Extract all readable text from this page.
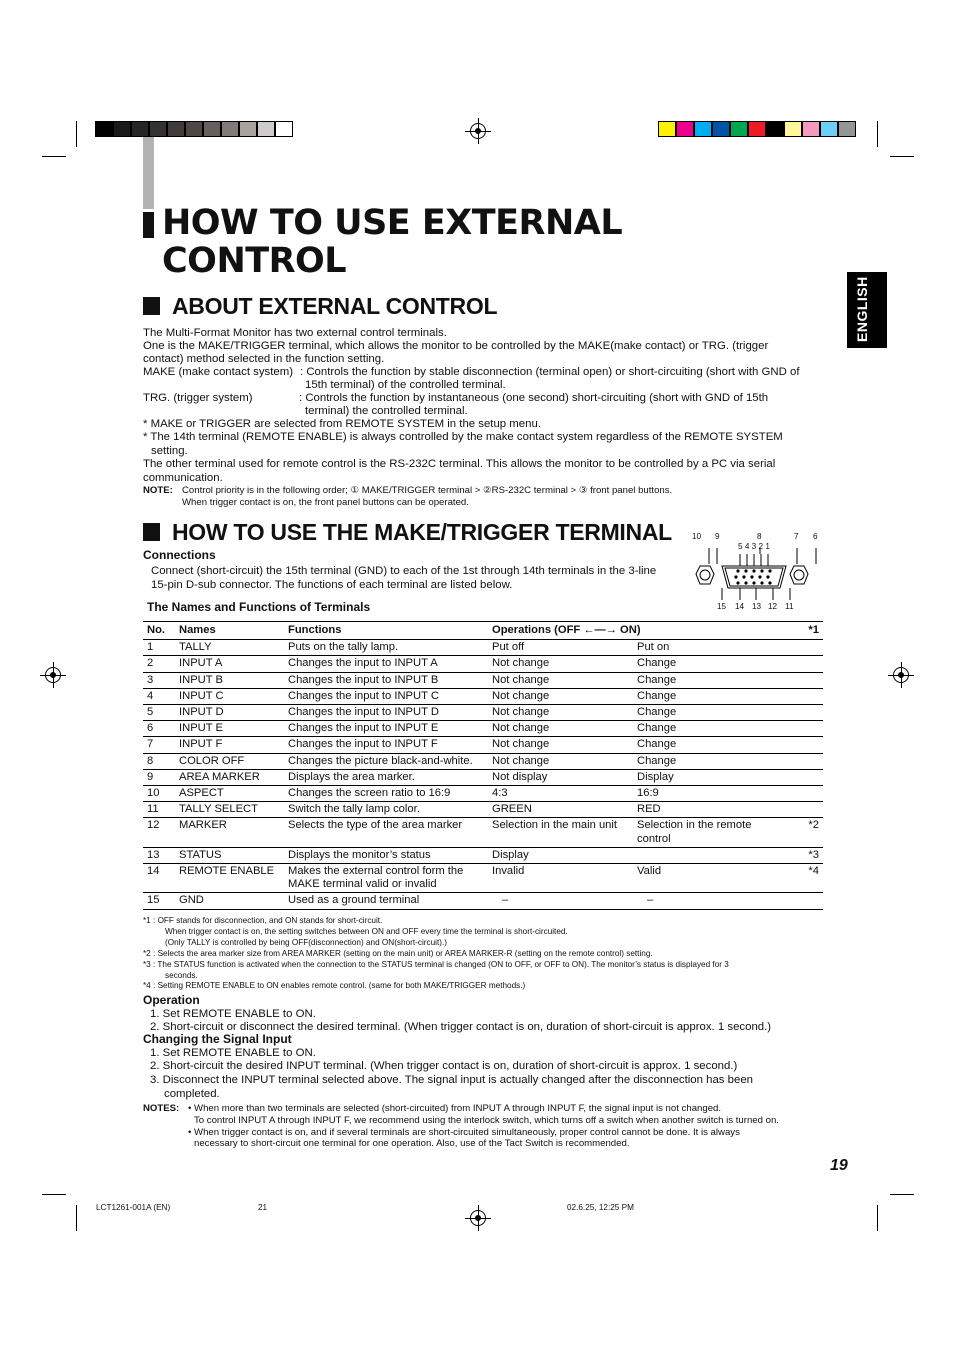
HOW TO USE EXTERNAL
CONTROL
ENGLISH
ABOUT EXTERNAL CONTROL
The Multi-Format Monitor has two external control terminals.
One is the MAKE/TRIGGER terminal, which allows the monitor to be controlled by the MAKE(make contact) or TRG. (trigger
contact) method selected in the function setting.
MAKE (make contact system) : Controls the function by stable disconnection (terminal open) or short-circuiting (short with GND of
15th terminal) of the controlled terminal.
TRG. (trigger system)	: Controls the function by instantaneous (one second) short-circuiting (short with GND of 15th
terminal) the controlled terminal.
* MAKE or TRIGGER are selected from REMOTE SYSTEM in the setup menu.
* The 14th terminal (REMOTE ENABLE) is always controlled by the make contact system regardless of the REMOTE SYSTEM
setting.
The other terminal used for remote control is the RS-232C terminal. This allows the monitor to be controlled by a PC via serial
communication.
NOTE: Control priority is in the following order; ① MAKE/TRIGGER terminal > ②RS-232C terminal > ③ front panel buttons.
When trigger contact is on, the front panel buttons can be operated.
HOW TO USE THE MAKE/TRIGGER TERMINAL
Connections
Connect (short-circuit) the 15th terminal (GND) to each of the 1st through 14th terminals in the 3-line
15-pin D-sub connector. The functions of each terminal are listed below.
The Names and Functions of Terminals
10 9	8	7 6
5 4 3 2 1
15 14 13 12 11
No.	Names	Functions	Operations (OFF ←—→ ON)		*1
1	TALLY	Puts on the tally lamp.	Put off	Put on	
2	INPUT A	Changes the input to INPUT A	Not change	Change	
3	INPUT B	Changes the input to INPUT B	Not change	Change	
4	INPUT C	Changes the input to INPUT C	Not change	Change	
5	INPUT D	Changes the input to INPUT D	Not change	Change	
6	INPUT E	Changes the input to INPUT E	Not change	Change	
7	INPUT F	Changes the input to INPUT F	Not change	Change	
8	COLOR OFF	Changes the picture black-and-white.	Not change	Change	
9	AREA MARKER	Displays the area marker.	Not display	Display	
10	ASPECT	Changes the screen ratio to 16:9	4:3	16:9	
11	TALLY SELECT	Switch the tally lamp color.	GREEN	RED	
12	MARKER	Selects the type of the area marker	Selection in the main unit	Selection in the remote control	*2
13	STATUS	Displays the monitor’s status	Display		*3
14	REMOTE ENABLE	Makes the external control form the MAKE terminal valid or invalid	Invalid	Valid	*4
15	GND	Used as a ground terminal	–	–	
*1 : OFF stands for disconnection, and ON stands for short-circuit.
When trigger contact is on, the setting switches between ON and OFF every time the terminal is short-circuited.
(Only TALLY is controlled by being OFF(disconnection) and ON(short-circuit).)
*2 : Selects the area marker size from AREA MARKER (setting on the main unit) or AREA MARKER-R (setting on the remote control) setting.
*3 : The STATUS function is activated when the connection to the STATUS terminal is changed (ON to OFF, or OFF to ON). The monitor’s status is displayed for 3
seconds.
*4 : Setting REMOTE ENABLE to ON enables remote control. (same for both MAKE/TRIGGER methods.)
Operation
1. Set REMOTE ENABLE to ON.
2. Short-circuit or disconnect the desired terminal. (When trigger contact is on, duration of short-circuit is approx. 1 second.)
Changing the Signal Input
1. Set REMOTE ENABLE to ON.
2. Short-circuit the desired INPUT terminal. (When trigger contact is on, duration of short-circuit is approx. 1 second.)
3. Disconnect the INPUT terminal selected above. The signal input is actually changed after the disconnection has been
completed.
NOTES: • When more than two terminals are selected (short-circuited) from INPUT A through INPUT F, the signal input is not changed.
To control INPUT A through INPUT F, we recommend using the interlock switch, which turns off a switch when another switch is turned on.
• When trigger contact is on, and if several terminals are short-circuited simultaneously, proper control cannot be done. It is always
necessary to short-circuit one terminal for one operation. Also, use of the Tact Switch is recommended.
19
LCT1261-001A (EN)	21	02.6.25, 12:25 PM
